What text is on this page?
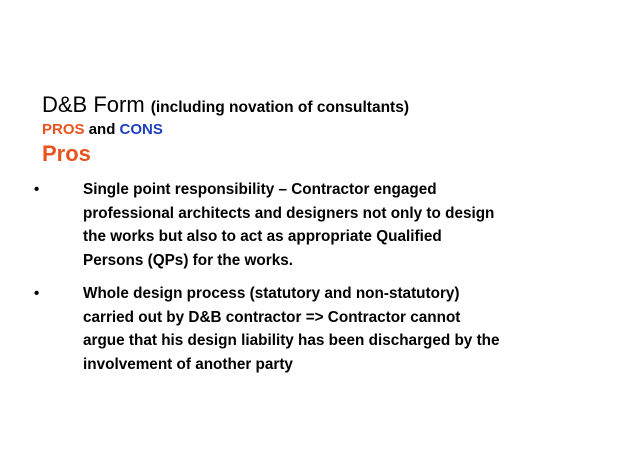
D&B Form (including novation of consultants)
PROS and CONS
Pros
•	Single point responsibility – Contractor engaged
professional architects and designers not only to design
the works but also to act as appropriate Qualified
Persons (QPs) for the works.
•	Whole design process (statutory and non-statutory)
carried out by D&B contractor => Contractor cannot
argue that his design liability has been discharged by the
involvement of another party
